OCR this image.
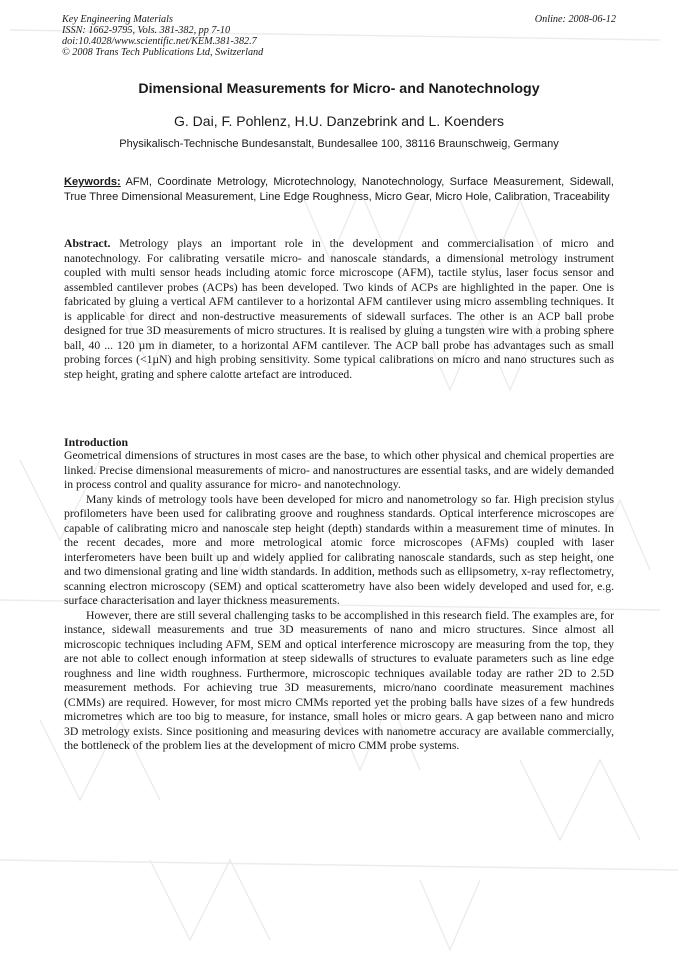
Key Engineering Materials
ISSN: 1662-9795, Vols. 381-382, pp 7-10
doi:10.4028/www.scientific.net/KEM.381-382.7
© 2008 Trans Tech Publications Ltd, Switzerland
Online: 2008-06-12
Dimensional Measurements for Micro- and Nanotechnology
G. Dai, F. Pohlenz, H.U. Danzebrink and L. Koenders
Physikalisch-Technische Bundesanstalt, Bundesallee 100, 38116 Braunschweig, Germany
Keywords: AFM, Coordinate Metrology, Microtechnology, Nanotechnology, Surface Measurement, Sidewall, True Three Dimensional Measurement, Line Edge Roughness, Micro Gear, Micro Hole, Calibration, Traceability
Abstract. Metrology plays an important role in the development and commercialisation of micro and nanotechnology. For calibrating versatile micro- and nanoscale standards, a dimensional metrology instrument coupled with multi sensor heads including atomic force microscope (AFM), tactile stylus, laser focus sensor and assembled cantilever probes (ACPs) has been developed. Two kinds of ACPs are highlighted in the paper. One is fabricated by gluing a vertical AFM cantilever to a horizontal AFM cantilever using micro assembling techniques. It is applicable for direct and non-destructive measurements of sidewall surfaces. The other is an ACP ball probe designed for true 3D measurements of micro structures. It is realised by gluing a tungsten wire with a probing sphere ball, 40 ... 120 µm in diameter, to a horizontal AFM cantilever. The ACP ball probe has advantages such as small probing forces (<1µN) and high probing sensitivity. Some typical calibrations on micro and nano structures such as step height, grating and sphere calotte artefact are introduced.
Introduction

Geometrical dimensions of structures in most cases are the base, to which other physical and chemical properties are linked. Precise dimensional measurements of micro- and nanostructures are essential tasks, and are widely demanded in process control and quality assurance for micro- and nanotechnology.

Many kinds of metrology tools have been developed for micro and nanometrology so far. High precision stylus profilometers have been used for calibrating groove and roughness standards. Optical interference microscopes are capable of calibrating micro and nanoscale step height (depth) standards within a measurement time of minutes. In the recent decades, more and more metrological atomic force microscopes (AFMs) coupled with laser interferometers have been built up and widely applied for calibrating nanoscale standards, such as step height, one and two dimensional grating and line width standards. In addition, methods such as ellipsometry, x-ray reflectometry, scanning electron microscopy (SEM) and optical scatterometry have also been widely developed and used for, e.g. surface characterisation and layer thickness measurements.

However, there are still several challenging tasks to be accomplished in this research field. The examples are, for instance, sidewall measurements and true 3D measurements of nano and micro structures. Since almost all microscopic techniques including AFM, SEM and optical interference microscopy are measuring from the top, they are not able to collect enough information at steep sidewalls of structures to evaluate parameters such as line edge roughness and line width roughness. Furthermore, microscopic techniques available today are rather 2D to 2.5D measurement methods. For achieving true 3D measurements, micro/nano coordinate measurement machines (CMMs) are required. However, for most micro CMMs reported yet the probing balls have sizes of a few hundreds micrometres which are too big to measure, for instance, small holes or micro gears. A gap between nano and micro 3D metrology exists. Since positioning and measuring devices with nanometre accuracy are available commercially, the bottleneck of the problem lies at the development of micro CMM probe systems.
